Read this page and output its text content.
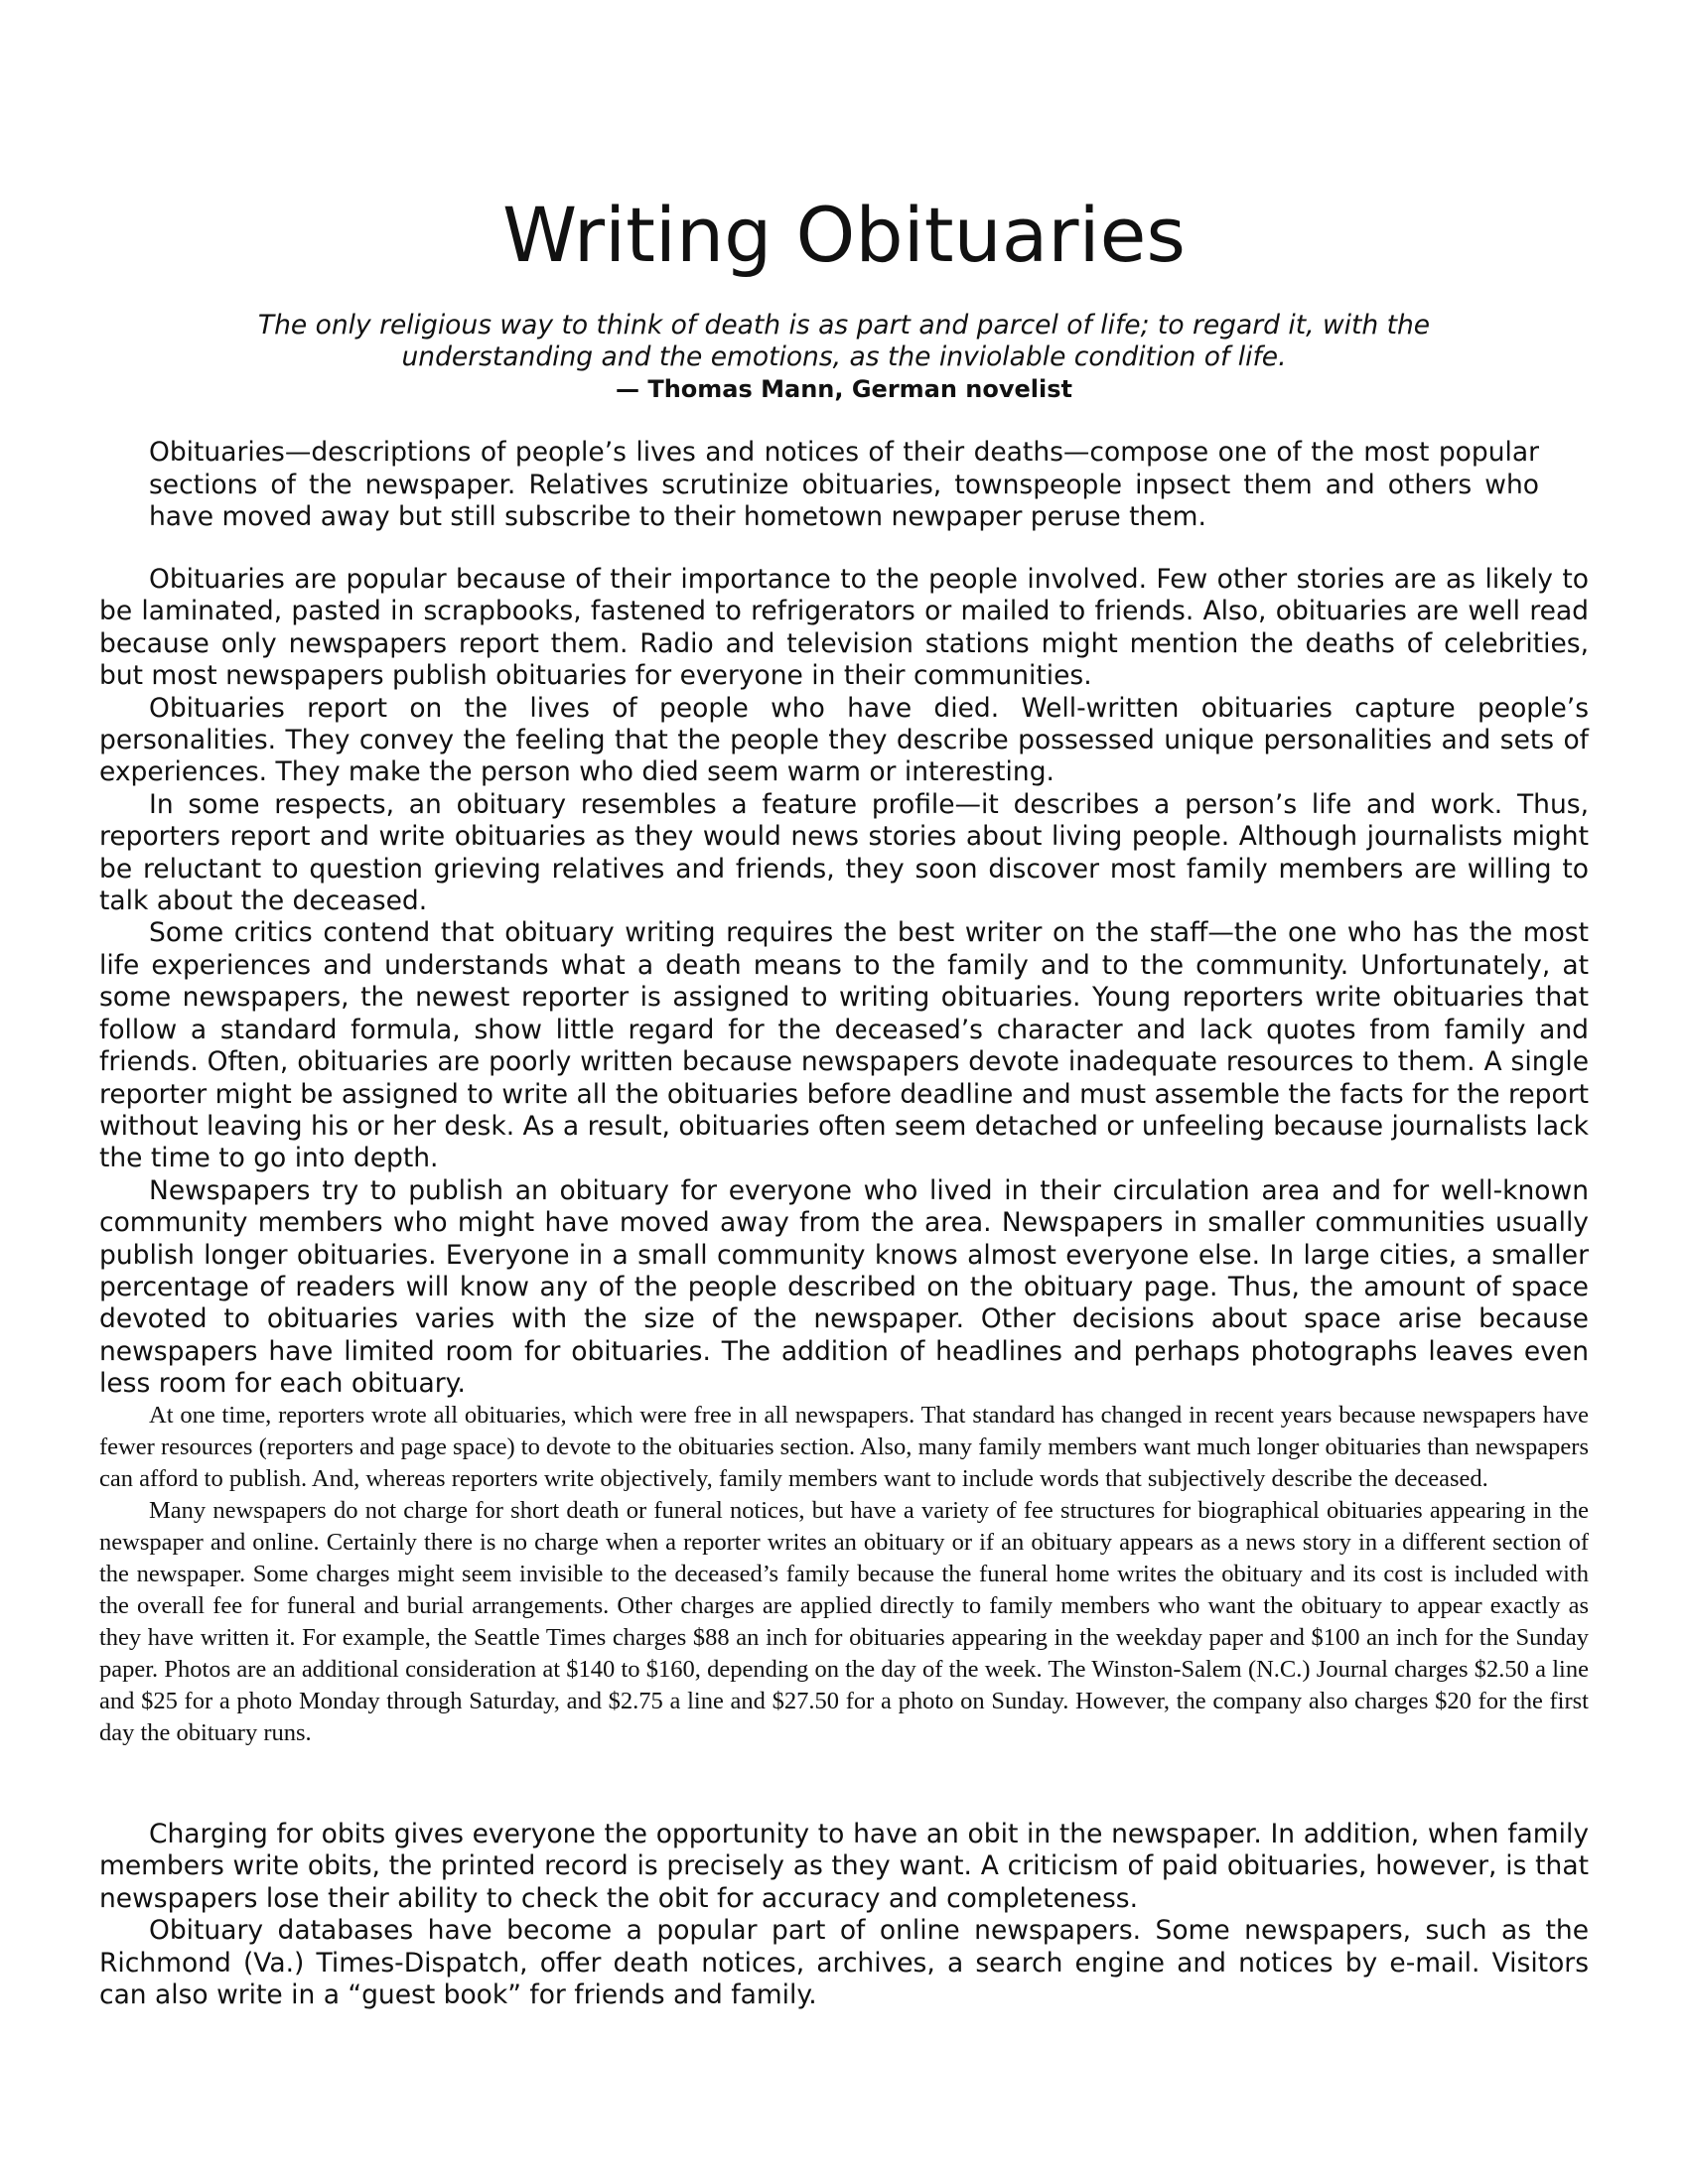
Writing Obituaries

The only religious way to think of death is as part and parcel of life; to regard it, with the understanding and the emotions, as the inviolable condition of life.

— Thomas Mann, German novelist

Obituaries—descriptions of people’s lives and notices of their deaths—compose one of the most popular sections of the newspaper. Relatives scrutinize obituaries, townspeople inpsect them and others who have moved away but still subscribe to their hometown newpaper peruse them.

Obituaries are popular because of their importance to the people involved. Few other stories are as likely to be laminated, pasted in scrapbooks, fastened to refrigerators or mailed to friends. Also, obituaries are well read because only newspapers report them. Radio and television stations might mention the deaths of celebrities, but most newspapers publish obituaries for everyone in their communities.

Obituaries report on the lives of people who have died. Well-written obituaries capture people’s personalities. They convey the feeling that the people they describe possessed unique personalities and sets of experiences. They make the person who died seem warm or interesting.

In some respects, an obituary resembles a feature profile—it describes a person’s life and work. Thus, reporters report and write obituaries as they would news stories about living people. Although journalists might be reluctant to question grieving relatives and friends, they soon discover most family members are willing to talk about the deceased.

Some critics contend that obituary writing requires the best writer on the staff—the one who has the most life experiences and understands what a death means to the family and to the community. Unfortunately, at some newspapers, the newest reporter is assigned to writing obituaries. Young reporters write obituaries that follow a standard formula, show little regard for the deceased’s character and lack quotes from family and friends. Often, obituaries are poorly written because newspapers devote inadequate resources to them. A single reporter might be assigned to write all the obituaries before deadline and must assemble the facts for the report without leaving his or her desk. As a result, obituaries often seem detached or unfeeling because journalists lack the time to go into depth.

Newspapers try to publish an obituary for everyone who lived in their circulation area and for well-known community members who might have moved away from the area. Newspapers in smaller communities usually publish longer obituaries. Everyone in a small community knows almost everyone else. In large cities, a smaller percentage of readers will know any of the people described on the obituary page. Thus, the amount of space devoted to obituaries varies with the size of the newspaper. Other decisions about space arise because newspapers have limited room for obituaries. The addition of headlines and perhaps photographs leaves even less room for each obituary.

At one time, reporters wrote all obituaries, which were free in all newspapers. That standard has changed in recent years because newspapers have fewer resources (reporters and page space) to devote to the obituaries section. Also, many family members want much longer obituaries than newspapers can afford to publish. And, whereas reporters write objectively, family members want to include words that subjectively describe the deceased.

Many newspapers do not charge for short death or funeral notices, but have a variety of fee structures for biographical obituaries appearing in the newspaper and online. Certainly there is no charge when a reporter writes an obituary or if an obituary appears as a news story in a different section of the newspaper. Some charges might seem invisible to the deceased’s family because the funeral home writes the obituary and its cost is included with the overall fee for funeral and burial arrangements. Other charges are applied directly to family members who want the obituary to appear exactly as they have written it. For example, the Seattle Times charges $88 an inch for obituaries appearing in the weekday paper and $100 an inch for the Sunday paper. Photos are an additional consideration at $140 to $160, depending on the day of the week. The Winston-Salem (N.C.) Journal charges $2.50 a line and $25 for a photo Monday through Saturday, and $2.75 a line and $27.50 for a photo on Sunday. However, the company also charges $20 for the first day the obituary runs.

Charging for obits gives everyone the opportunity to have an obit in the newspaper. In addition, when family members write obits, the printed record is precisely as they want. A criticism of paid obituaries, however, is that newspapers lose their ability to check the obit for accuracy and completeness.

Obituary databases have become a popular part of online newspapers. Some newspapers, such as the Richmond (Va.) Times-Dispatch, offer death notices, archives, a search engine and notices by e-mail. Visitors can also write in a “guest book” for friends and family.
